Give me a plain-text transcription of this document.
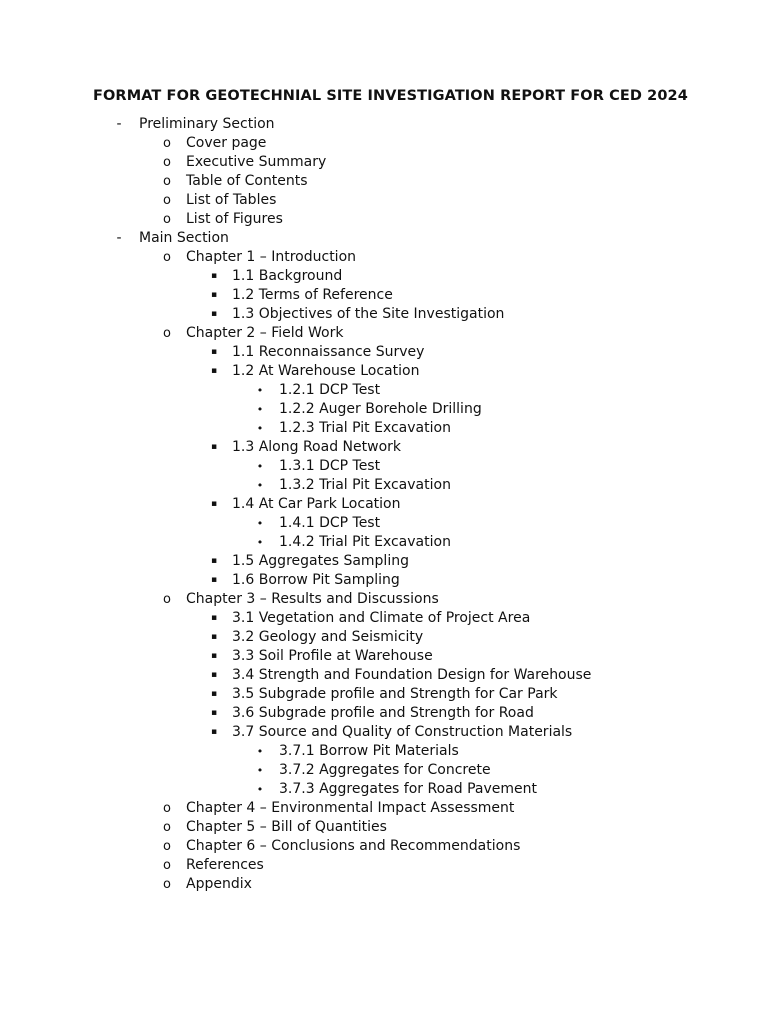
FORMAT FOR GEOTECHNIAL SITE INVESTIGATION REPORT FOR CED 2024
-	Preliminary Section
o Cover page
o Executive Summary
o Table of Contents
o List of Tables
o List of Figures
-	Main Section
o Chapter 1 – Introduction
▪ 1.1 Background
▪ 1.2 Terms of Reference
▪ 1.3 Objectives of the Site Investigation
o Chapter 2 – Field Work
▪ 1.1 Reconnaissance Survey
▪ 1.2 At Warehouse Location
• 1.2.1 DCP Test
• 1.2.2 Auger Borehole Drilling
• 1.2.3 Trial Pit Excavation
▪ 1.3 Along Road Network
• 1.3.1 DCP Test
• 1.3.2 Trial Pit Excavation
▪ 1.4 At Car Park Location
• 1.4.1 DCP Test
• 1.4.2 Trial Pit Excavation
▪ 1.5 Aggregates Sampling
▪ 1.6 Borrow Pit Sampling
o Chapter 3 – Results and Discussions
▪ 3.1 Vegetation and Climate of Project Area
▪ 3.2 Geology and Seismicity
▪ 3.3 Soil Profile at Warehouse
▪ 3.4 Strength and Foundation Design for Warehouse
▪ 3.5 Subgrade profile and Strength for Car Park
▪ 3.6 Subgrade profile and Strength for Road
▪ 3.7 Source and Quality of Construction Materials
• 3.7.1 Borrow Pit Materials
• 3.7.2 Aggregates for Concrete
• 3.7.3 Aggregates for Road Pavement
o Chapter 4 – Environmental Impact Assessment
o Chapter 5 – Bill of Quantities
o Chapter 6 – Conclusions and Recommendations
o References
o Appendix
